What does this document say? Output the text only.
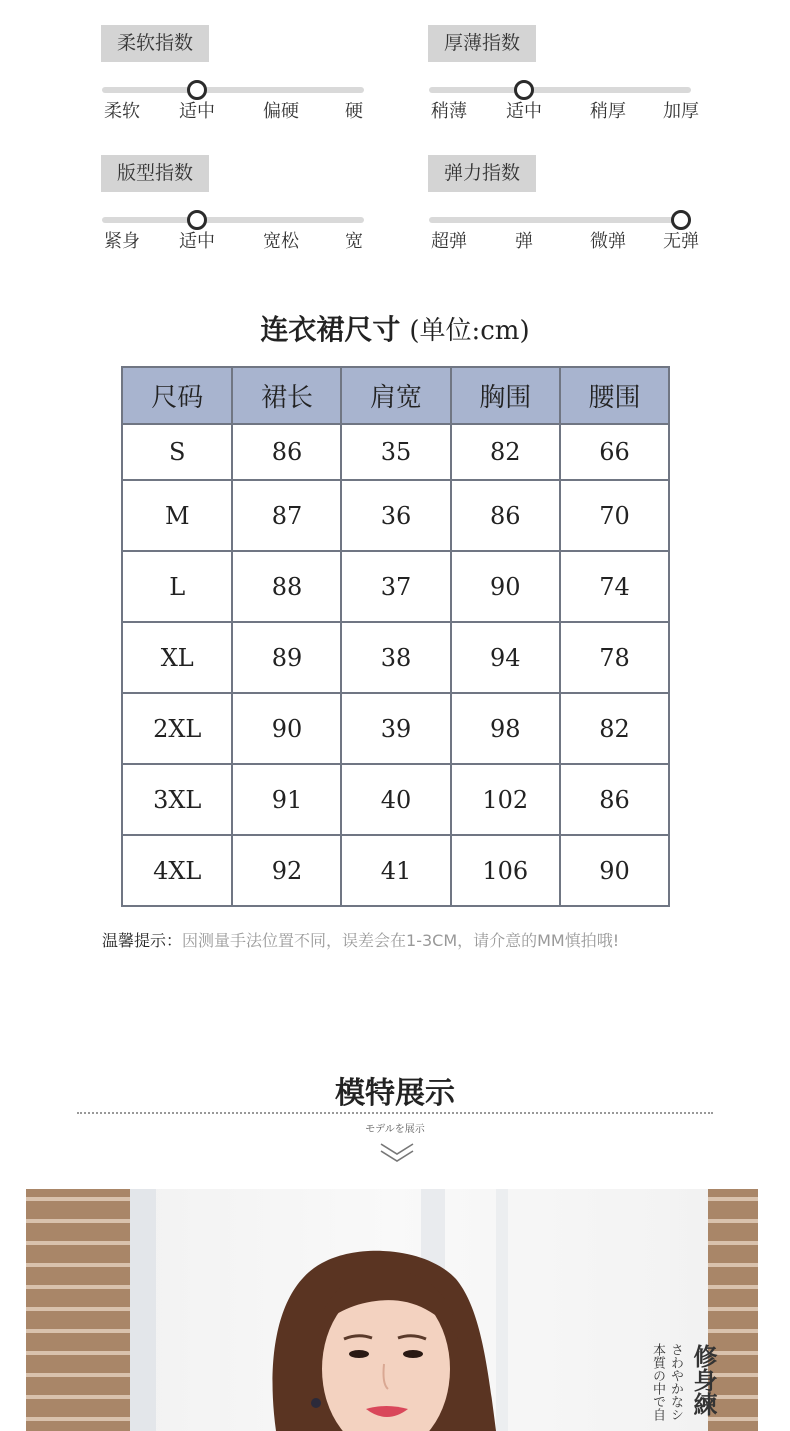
柔软指数
柔软 适中	偏硬	硬
厚薄指数
稍薄 适中	稍厚 加厚
版型指数
紧身 适中	宽松	宽
弹力指数
超弹	弹	微弹 无弹
连衣裙尺寸 (单位:cm)
尺码	裙长	肩宽	胸围	腰围
S	86	35	82	66
M	87	36	86	70
L	88	37	90	74
XL	89	38	94	78
2XL	90	39	98	82
3XL	91	40	102	86
4XL	92	41	106	90
温馨提示：因测量手法位置不同，误差会在1-3CM，请介意的MM慎拍哦!
模特展示
モデルを展示
修身練
さわやかなシ
本質の中で自
